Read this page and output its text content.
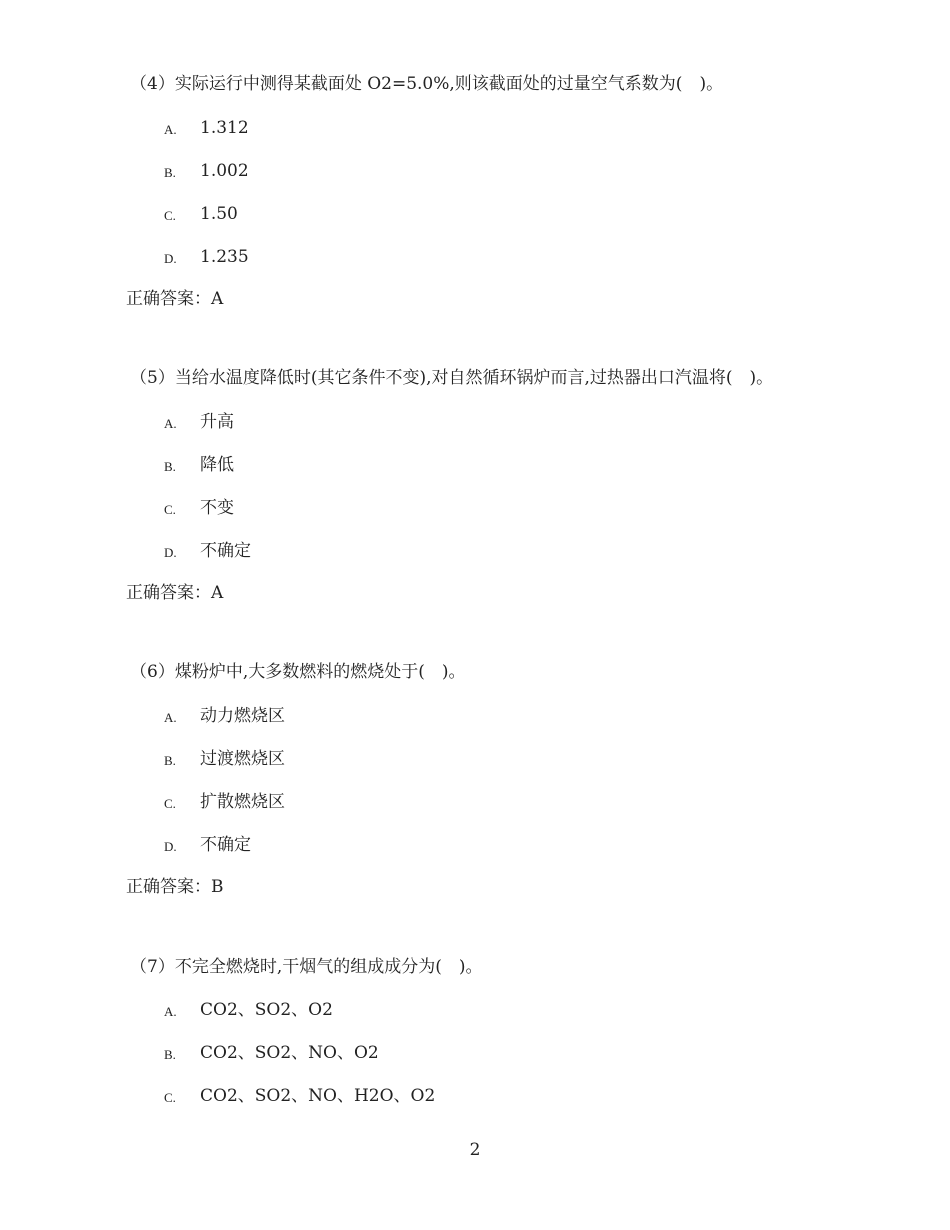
（4）实际运行中测得某截面处 O2=5.0%,则该截面处的过量空气系数为(　)。
A. 1.312
B. 1.002
C. 1.50
D. 1.235
正确答案：A
（5）当给水温度降低时(其它条件不变),对自然循环锅炉而言,过热器出口汽温将(　)。
A. 升高
B. 降低
C. 不变
D. 不确定
正确答案：A
（6）煤粉炉中,大多数燃料的燃烧处于(　)。
A. 动力燃烧区
B. 过渡燃烧区
C. 扩散燃烧区
D. 不确定
正确答案：B
（7）不完全燃烧时,干烟气的组成成分为(　)。
A. CO2、SO2、O2
B. CO2、SO2、NO、O2
C. CO2、SO2、NO、H2O、O2
2
